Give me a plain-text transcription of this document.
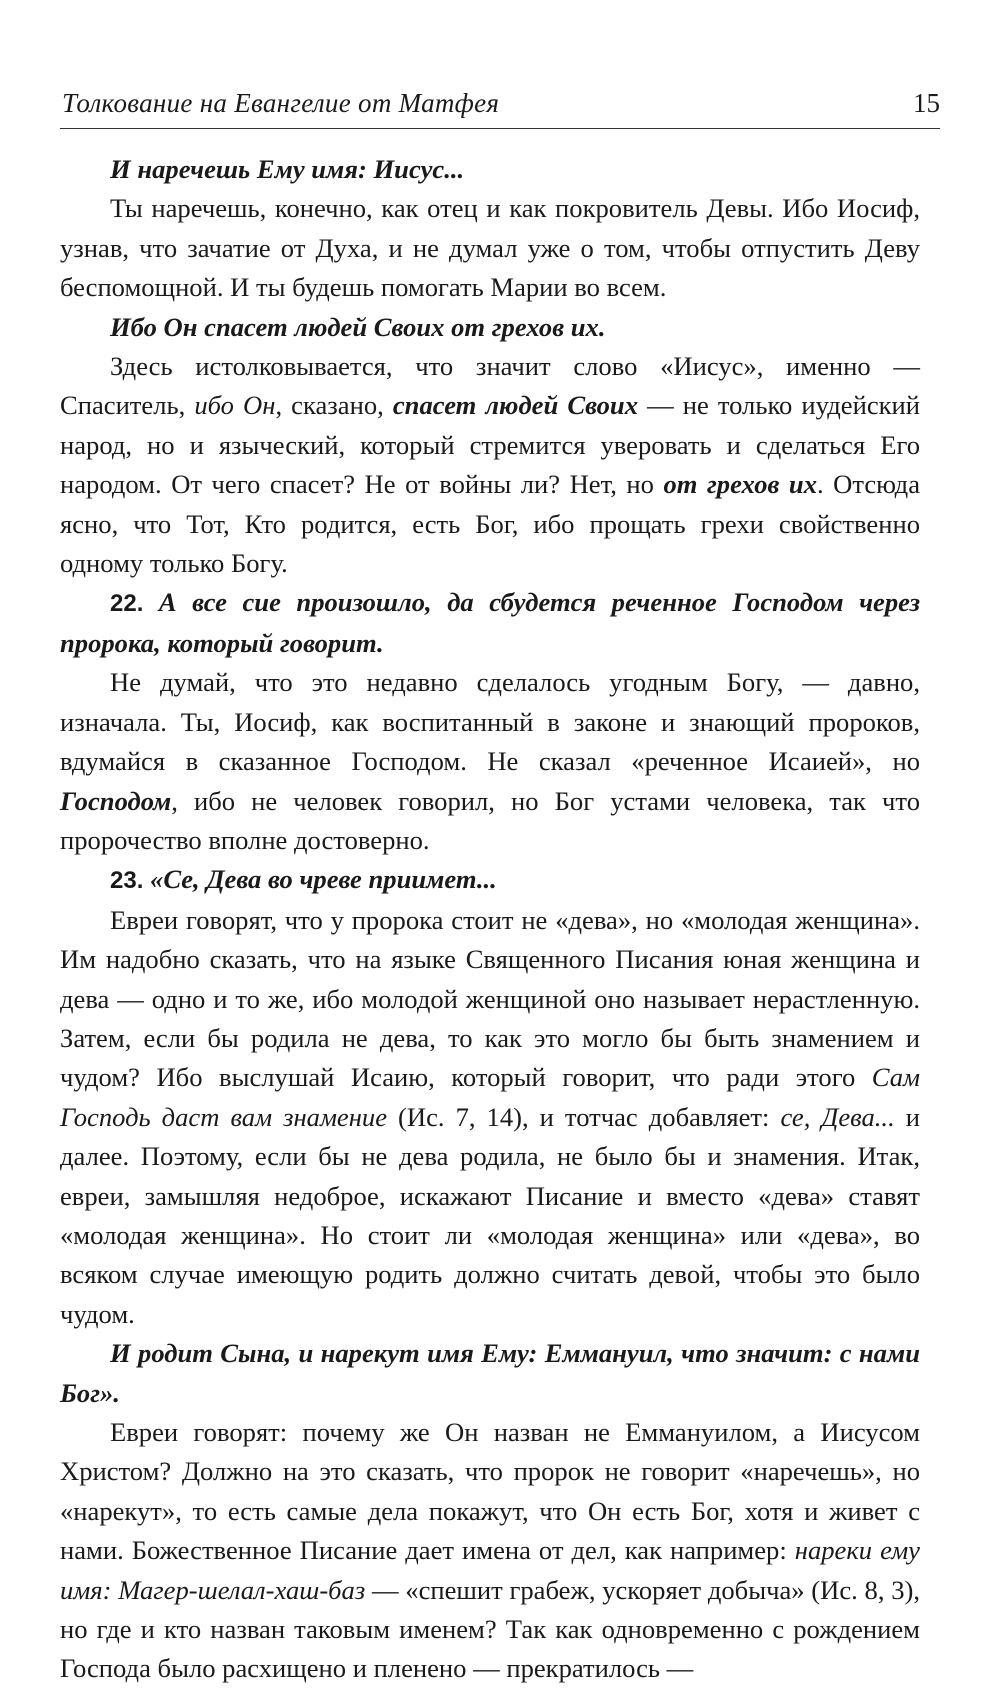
Толкование на Евангелие от Матфея	15

И наречешь Ему имя: Иисус...

Ты наречешь, конечно, как отец и как покровитель Девы. Ибо Иосиф, узнав, что зачатие от Духа, и не думал уже о том, чтобы отпустить Деву беспомощной. И ты будешь помогать Марии во всем.

Ибо Он спасет людей Своих от грехов их.

Здесь истолковывается, что значит слово «Иисус», именно — Спаситель, ибо Он, сказано, спасет людей Своих — не только иудейский народ, но и языческий, который стремится уверовать и сделаться Его народом. От чего спасет? Не от войны ли? Нет, но от грехов их. Отсюда ясно, что Тот, Кто родится, есть Бог, ибо прощать грехи свойственно одному только Богу.

22. А все сие произошло, да сбудется реченное Господом через пророка, который говорит.

Не думай, что это недавно сделалось угодным Богу, — давно, изначала. Ты, Иосиф, как воспитанный в законе и знающий пророков, вдумайся в сказанное Господом. Не сказал «реченное Исаией», но Господом, ибо не человек говорил, но Бог устами человека, так что пророчество вполне достоверно.

23. «Се, Дева во чреве приимет...

Евреи говорят, что у пророка стоит не «дева», но «молодая женщина». Им надобно сказать, что на языке Священного Писания юная женщина и дева — одно и то же, ибо молодой женщиной оно называет нерастленную. Затем, если бы родила не дева, то как это могло бы быть знамением и чудом? Ибо выслушай Исаию, который говорит, что ради этого Сам Господь даст вам знамение (Ис. 7, 14), и тотчас добавляет: се, Дева... и далее. Поэтому, если бы не дева родила, не было бы и знамения. Итак, евреи, замышляя недоброе, искажают Писание и вместо «дева» ставят «молодая женщина». Но стоит ли «молодая женщина» или «дева», во всяком случае имеющую родить должно считать девой, чтобы это было чудом.

И родит Сына, и нарекут имя Ему: Еммануил, что значит: с нами Бог».

Евреи говорят: почему же Он назван не Еммануилом, а Иисусом Христом? Должно на это сказать, что пророк не говорит «наречешь», но «нарекут», то есть самые дела покажут, что Он есть Бог, хотя и живет с нами. Божественное Писание дает имена от дел, как например: нареки ему имя: Магер-шелал-хаш-баз — «спешит грабеж, ускоряет добыча» (Ис. 8, 3), но где и кто назван таковым именем? Так как одновременно с рождением Господа было расхищено и пленено — прекратилось —
